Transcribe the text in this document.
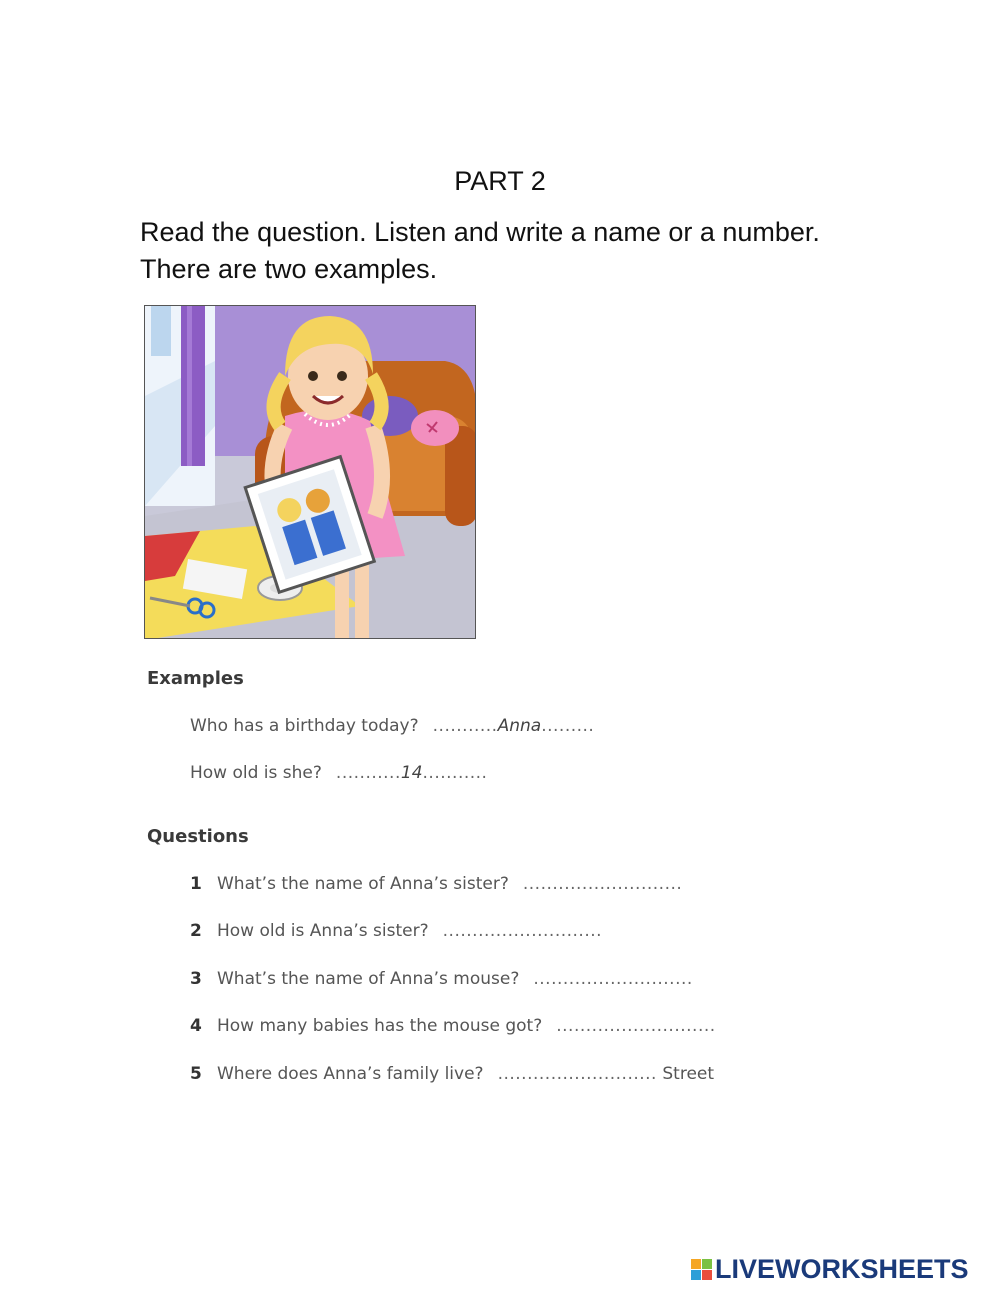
PART 2
Read the question. Listen and write a name or a number.
There are two examples.
Examples
Who has a birthday today? ...........Anna.........
How old is she? ...........14...........
Questions
1 What’s the name of Anna’s sister? ...........................
2 How old is Anna’s sister? ...........................
3 What’s the name of Anna’s mouse? ...........................
4 How many babies has the mouse got? ...........................
5 Where does Anna’s family live? ........................... Street
LIVEWORKSHEETS
